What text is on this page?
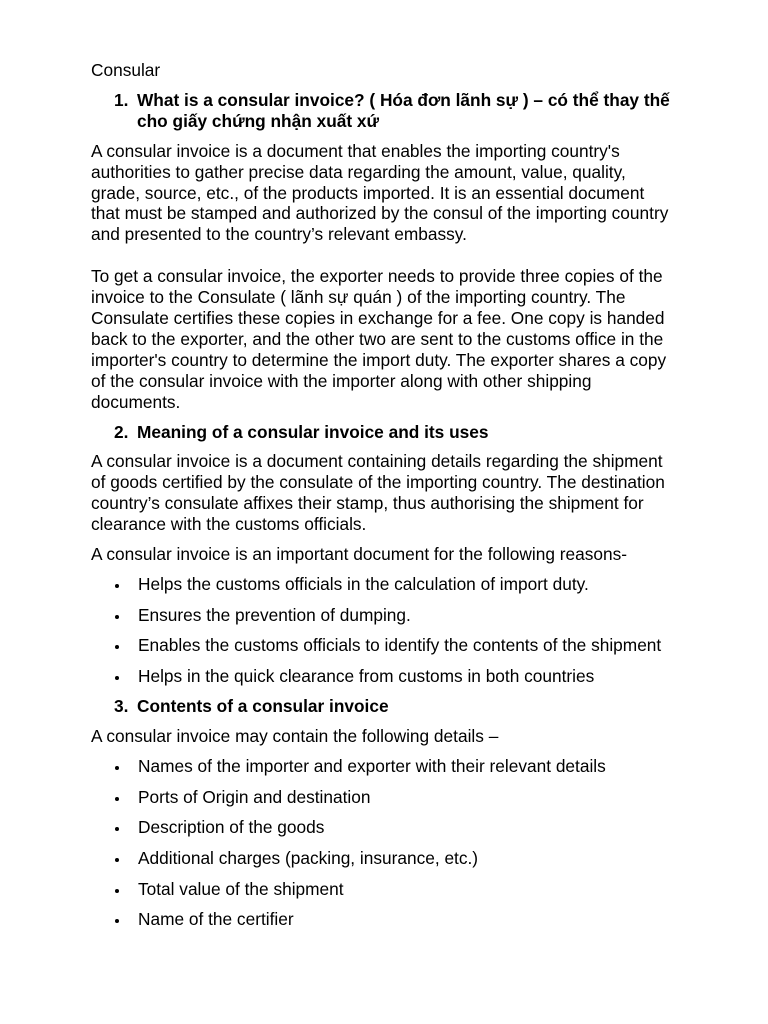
Consular
1. What is a consular invoice? ( Hóa đơn lãnh sự ) – có thể thay thế
cho giấy chứng nhận xuất xứ
A consular invoice is a document that enables the importing country's
authorities to gather precise data regarding the amount, value, quality,
grade, source, etc., of the products imported. It is an essential document
that must be stamped and authorized by the consul of the importing country
and presented to the country’s relevant embassy.

To get a consular invoice, the exporter needs to provide three copies of the
invoice to the Consulate ( lãnh sự quán ) of the importing country. The
Consulate certifies these copies in exchange for a fee. One copy is handed
back to the exporter, and the other two are sent to the customs office in the
importer's country to determine the import duty. The exporter shares a copy
of the consular invoice with the importer along with other shipping
documents.
2. Meaning of a consular invoice and its uses
A consular invoice is a document containing details regarding the shipment
of goods certified by the consulate of the importing country. The destination
country’s consulate affixes their stamp, thus authorising the shipment for
clearance with the customs officials.
A consular invoice is an important document for the following reasons-
Helps the customs officials in the calculation of import duty.
Ensures the prevention of dumping.
Enables the customs officials to identify the contents of the shipment
Helps in the quick clearance from customs in both countries
3. Contents of a consular invoice
A consular invoice may contain the following details –
Names of the importer and exporter with their relevant details
Ports of Origin and destination
Description of the goods
Additional charges (packing, insurance, etc.)
Total value of the shipment
Name of the certifier
